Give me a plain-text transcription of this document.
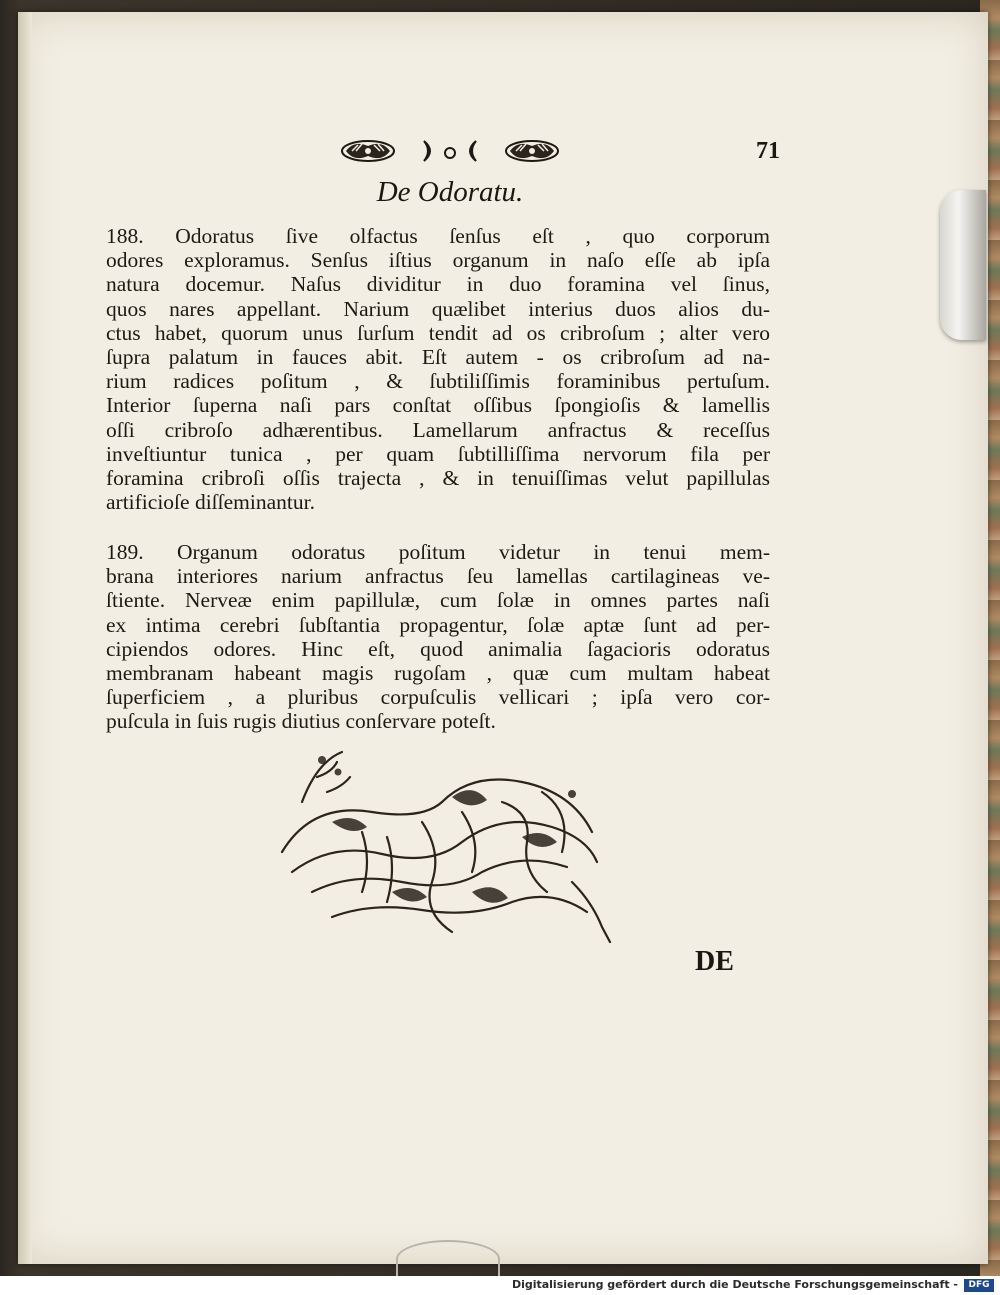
71
De Odoratu.
188. Odoratus ſive olfactus ſenſus eſt , quo corporum
odores exploramus. Senſus iſtius organum in naſo eſſe ab ipſa
natura docemur. Naſus dividitur in duo foramina vel ſinus,
quos nares appellant. Narium quælibet interius duos alios du-
ctus habet, quorum unus ſurſum tendit ad os cribroſum ; alter vero
ſupra palatum in fauces abit. Eſt autem - os cribroſum ad na-
rium radices poſitum , & ſubtiliſſimis foraminibus pertuſum.
Interior ſuperna naſi pars conſtat oſſibus ſpongioſis & lamellis
oſſi cribroſo adhærentibus. Lamellarum anfractus & receſſus
inveſtiuntur tunica , per quam ſubtilliſſima nervorum fila per
foramina cribroſi oſſis trajecta , & in tenuiſſimas velut papillulas
artificioſe diſſeminantur.
189. Organum odoratus poſitum videtur in tenui mem-
brana interiores narium anfractus ſeu lamellas cartilagineas ve-
ſtiente. Nerveæ enim papillulæ, cum ſolæ in omnes partes naſi
ex intima cerebri ſubſtantia propagentur, ſolæ aptæ ſunt ad per-
cipiendos odores. Hinc eſt, quod animalia ſagacioris odoratus
membranam habeant magis rugoſam , quæ cum multam habeat
ſuperficiem , a pluribus corpuſculis vellicari ; ipſa vero cor-
puſcula in ſuis rugis diutius conſervare poteſt.
DE
Digitalisierung gefördert durch die Deutsche Forschungsgemeinschaft -	DFG
